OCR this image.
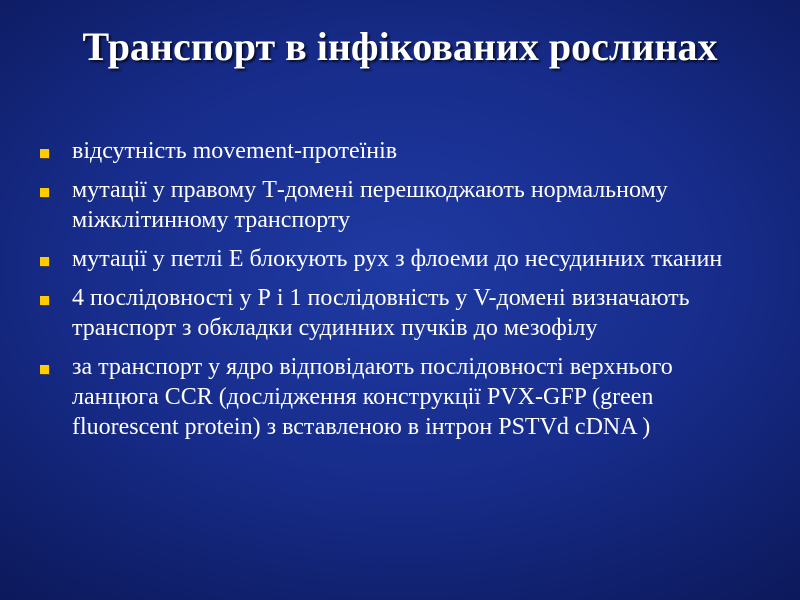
Транспорт в інфікованих рослинах
відсутність movement-протеїнів
мутації у правому Т-домені перешкоджають нормальному міжклітинному транспорту
мутації у петлі Е блокують рух з флоеми до несудинних тканин
4 послідовності у Р і 1 послідовність у V-домені визначають транспорт з обкладки судинних пучків до мезофілу
за транспорт у ядро відповідають послідовності верхнього ланцюга CCR (дослідження конструкції PVX-GFP (green fluorescent protein) з вставленою в інтрон PSTVd cDNA )
